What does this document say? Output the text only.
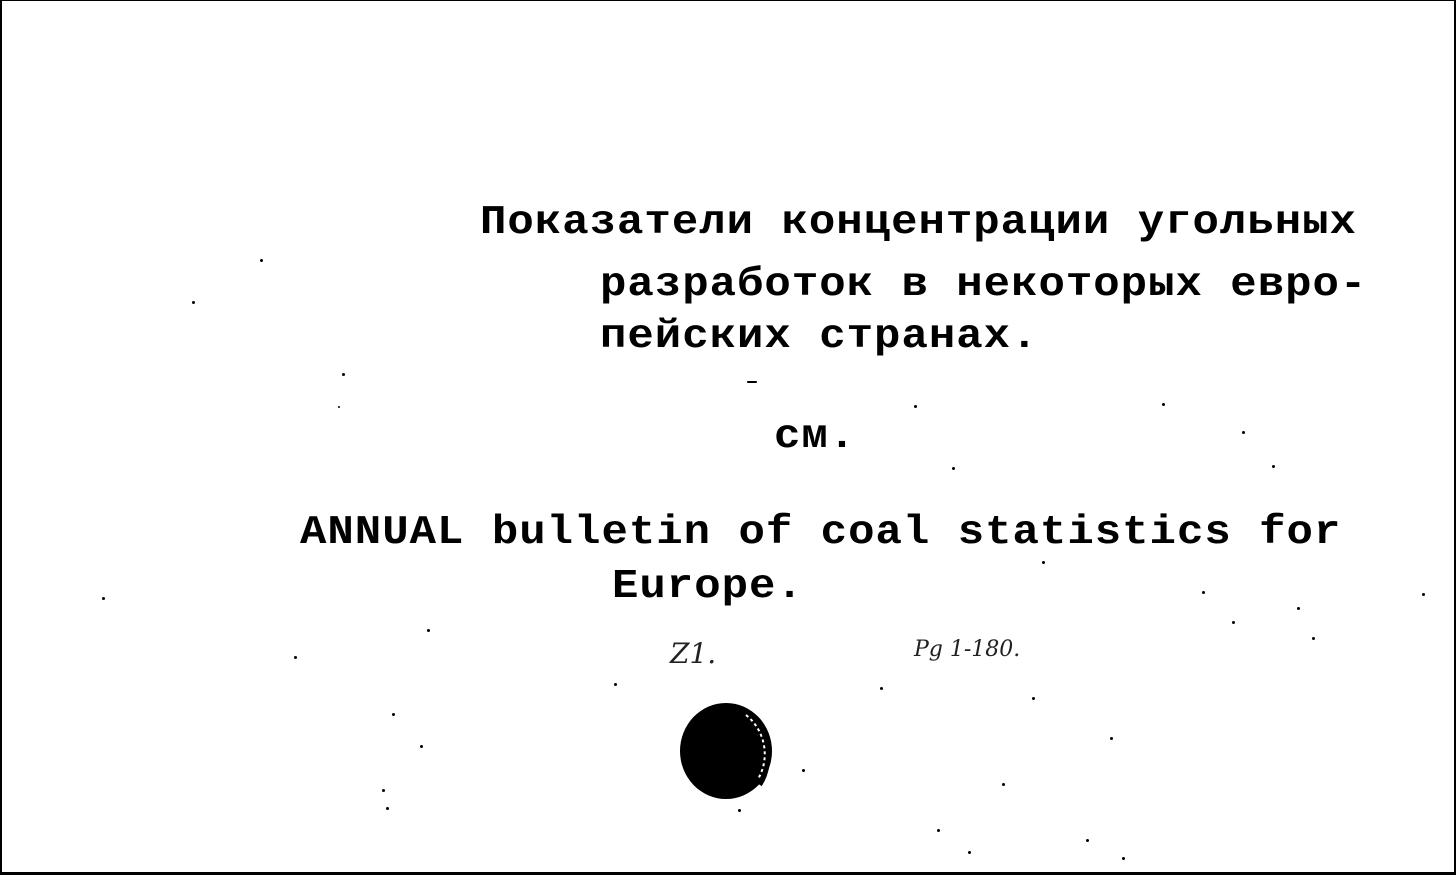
Показатели концентрации угольных
разработок в некоторых евро-
пейских странах.
см.
ANNUAL bulletin of coal statistics for
Europe.
Z1.	Pg 1-180.
